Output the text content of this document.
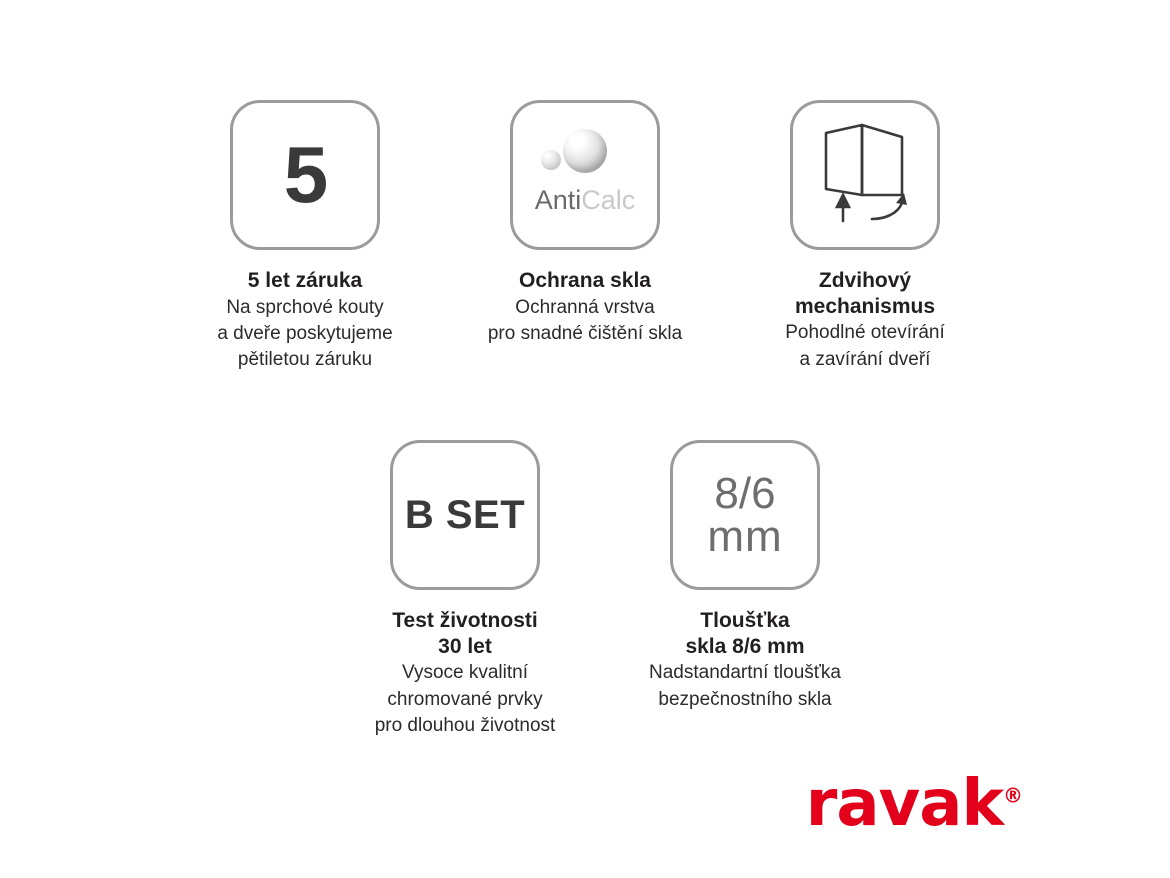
5
5 let záruka
Na sprchové kouty
a dveře poskytujeme
pětiletou záruku
AntiCalc
Ochrana skla
Ochranná vrstva
pro snadné čištění skla
Zdvihový
mechanismus
Pohodlné otevírání
a zavírání dveří
B SET
Test životnosti
30 let
Vysoce kvalitní
chromované prvky
pro dlouhou životnost
8/6
mm
Tloušťka
skla 8/6 mm
Nadstandartní tloušťka
bezpečnostního skla
ravak®
